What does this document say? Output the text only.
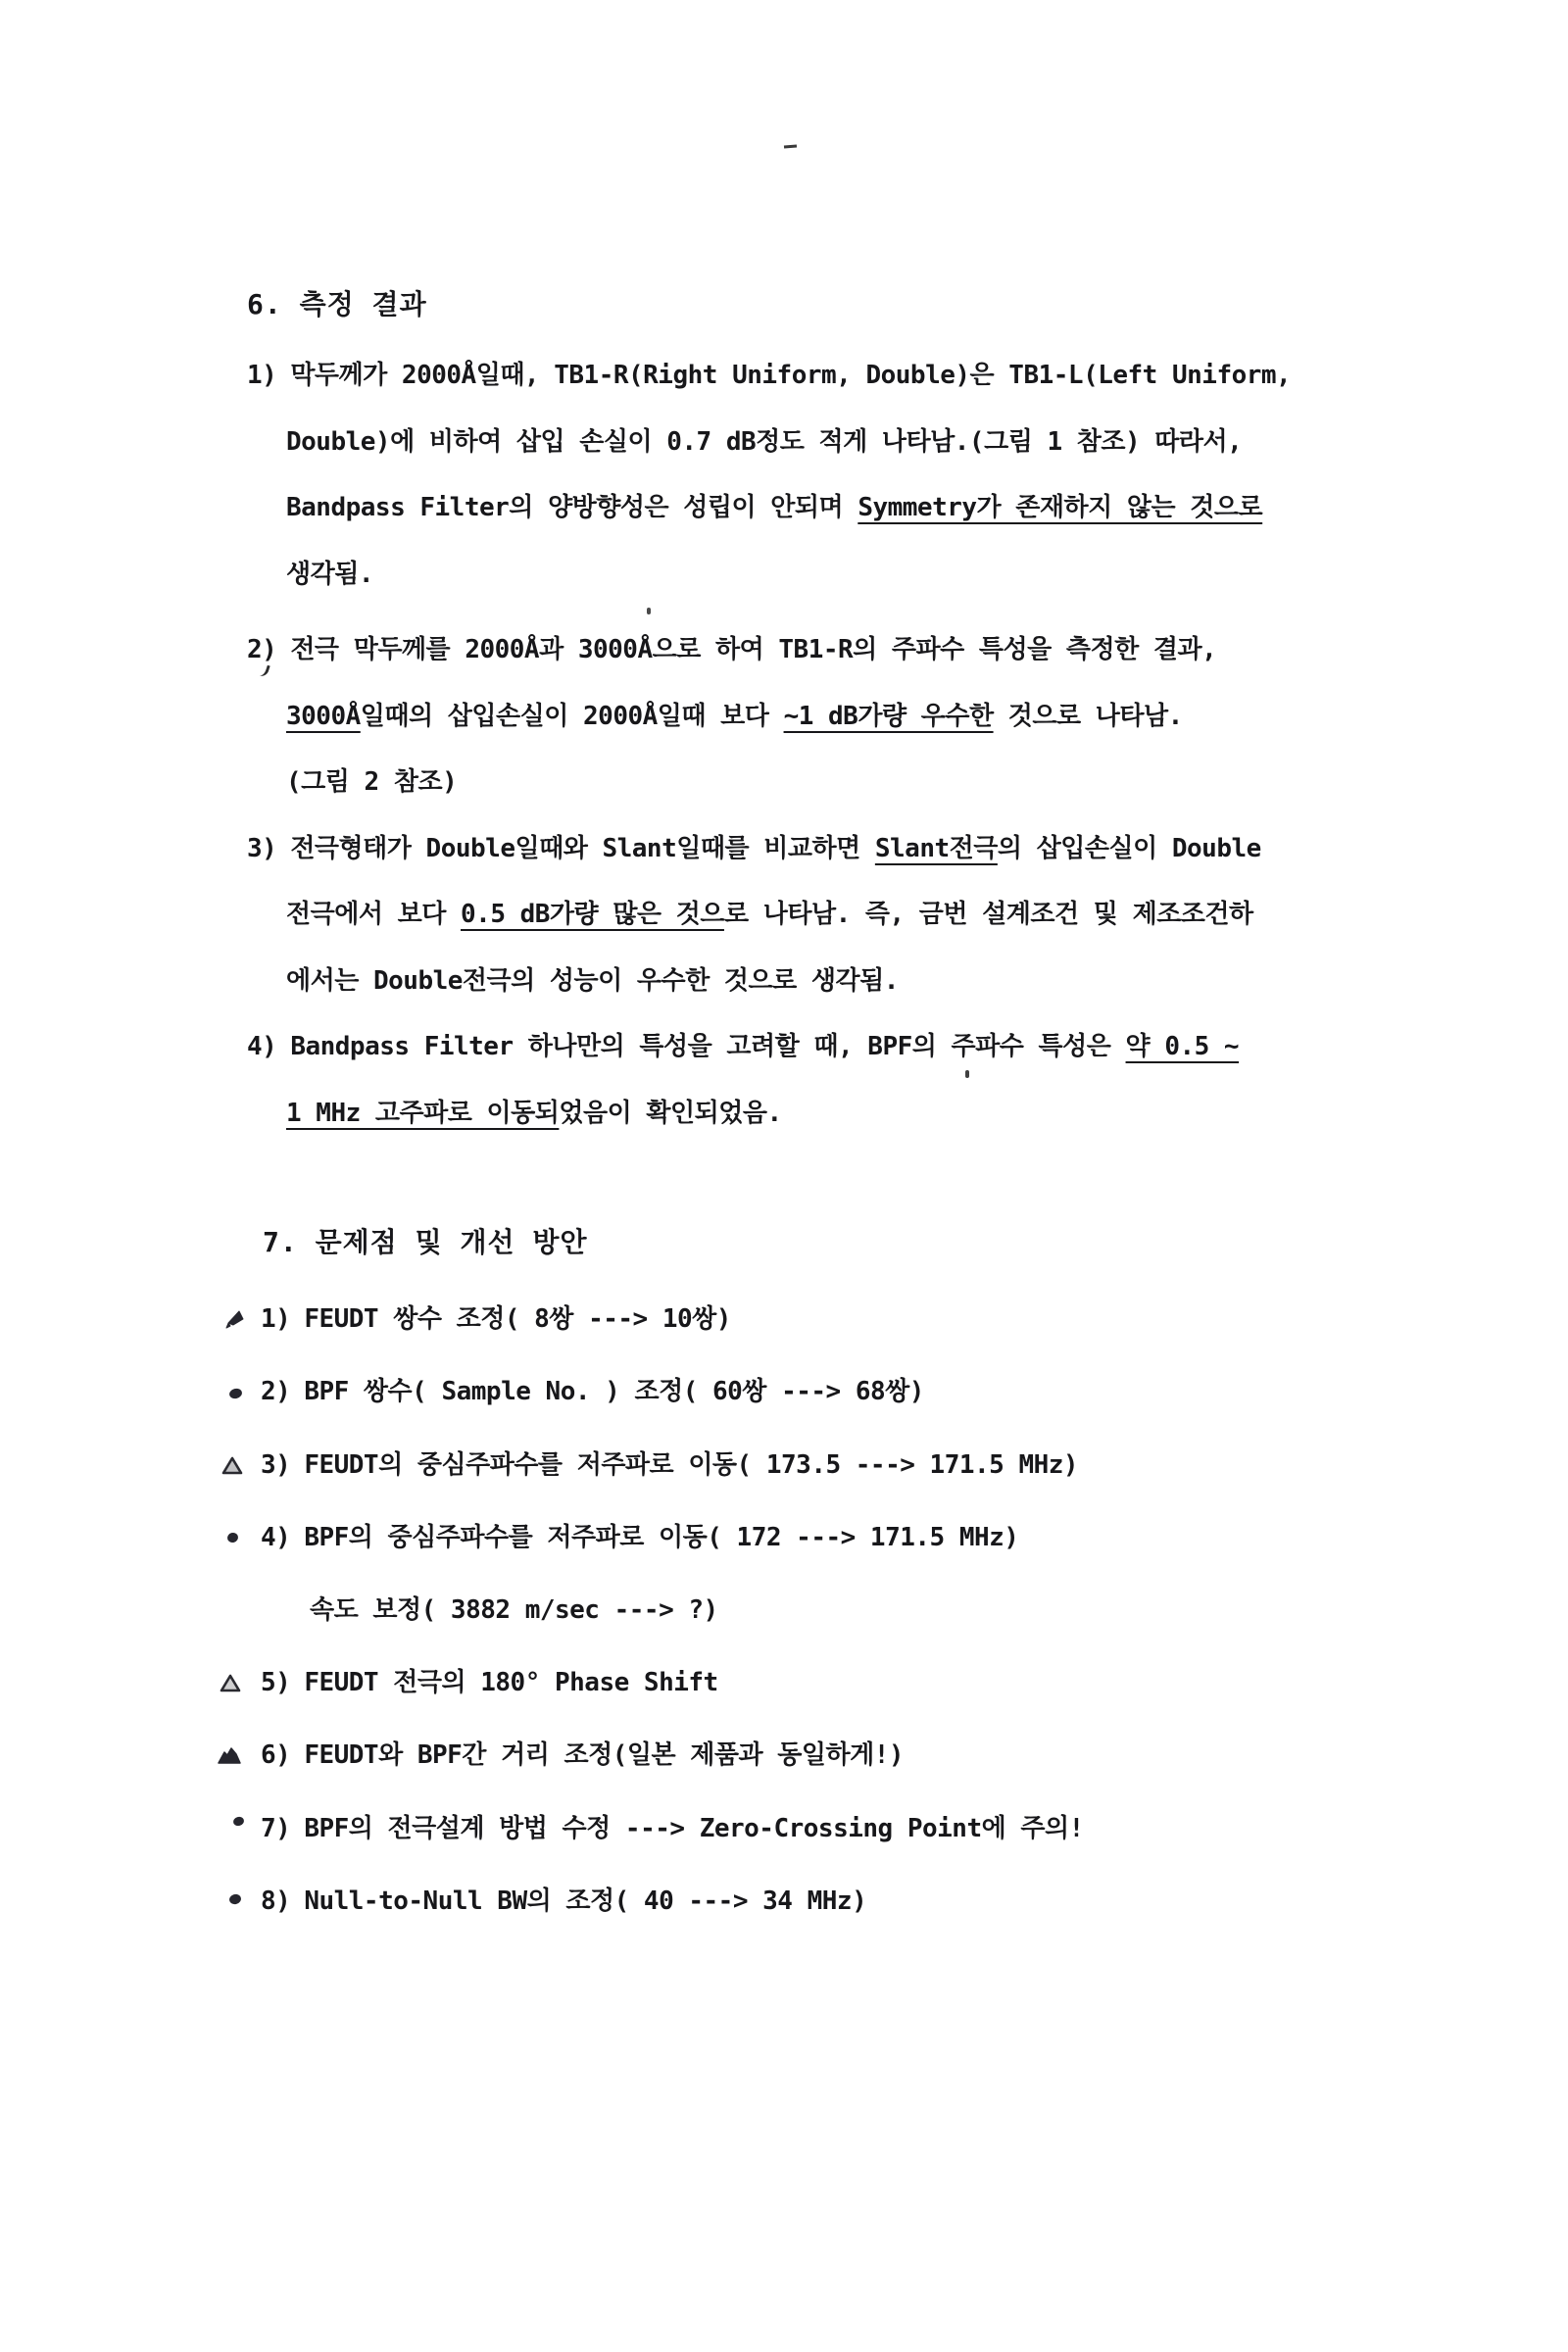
6. 측정 결과
1) 막두께가 2000Å일때, TB1-R(Right Uniform, Double)은 TB1-L(Left Uniform,
Double)에 비하여 삽입 손실이 0.7 dB정도 적게 나타남.(그림 1 참조) 따라서,
Bandpass Filter의 양방향성은 성립이 안되며 Symmetry가 존재하지 않는 것으로
생각됨.
2) 전극 막두께를 2000Å과 3000Å으로 하여 TB1-R의 주파수 특성을 측정한 결과,
3000Å일때의 삽입손실이 2000Å일때 보다 ~1 dB가량 우수한 것으로 나타남.
(그림 2 참조)
3) 전극형태가 Double일때와 Slant일때를 비교하면 Slant전극의 삽입손실이 Double
전극에서 보다 0.5 dB가량 많은 것으로 나타남. 즉, 금번 설계조건 및 제조조건하
에서는 Double전극의 성능이 우수한 것으로 생각됨.
4) Bandpass Filter 하나만의 특성을 고려할 때, BPF의 주파수 특성은 약 0.5 ~
1 MHz 고주파로 이동되었음이 확인되었음.
7. 문제점 및 개선 방안
1) FEUDT 쌍수 조정( 8쌍 ---> 10쌍)
2) BPF 쌍수( Sample No. ) 조정( 60쌍 ---> 68쌍)
3) FEUDT의 중심주파수를 저주파로 이동( 173.5 ---> 171.5 MHz)
4) BPF의 중심주파수를 저주파로 이동( 172 ---> 171.5 MHz)
속도 보정( 3882 m/sec ---> ?)
5) FEUDT 전극의 180° Phase Shift
6) FEUDT와 BPF간 거리 조정(일본 제품과 동일하게!)
7) BPF의 전극설계 방법 수정 ---> Zero-Crossing Point에 주의!
8) Null-to-Null BW의 조정( 40 ---> 34 MHz)
